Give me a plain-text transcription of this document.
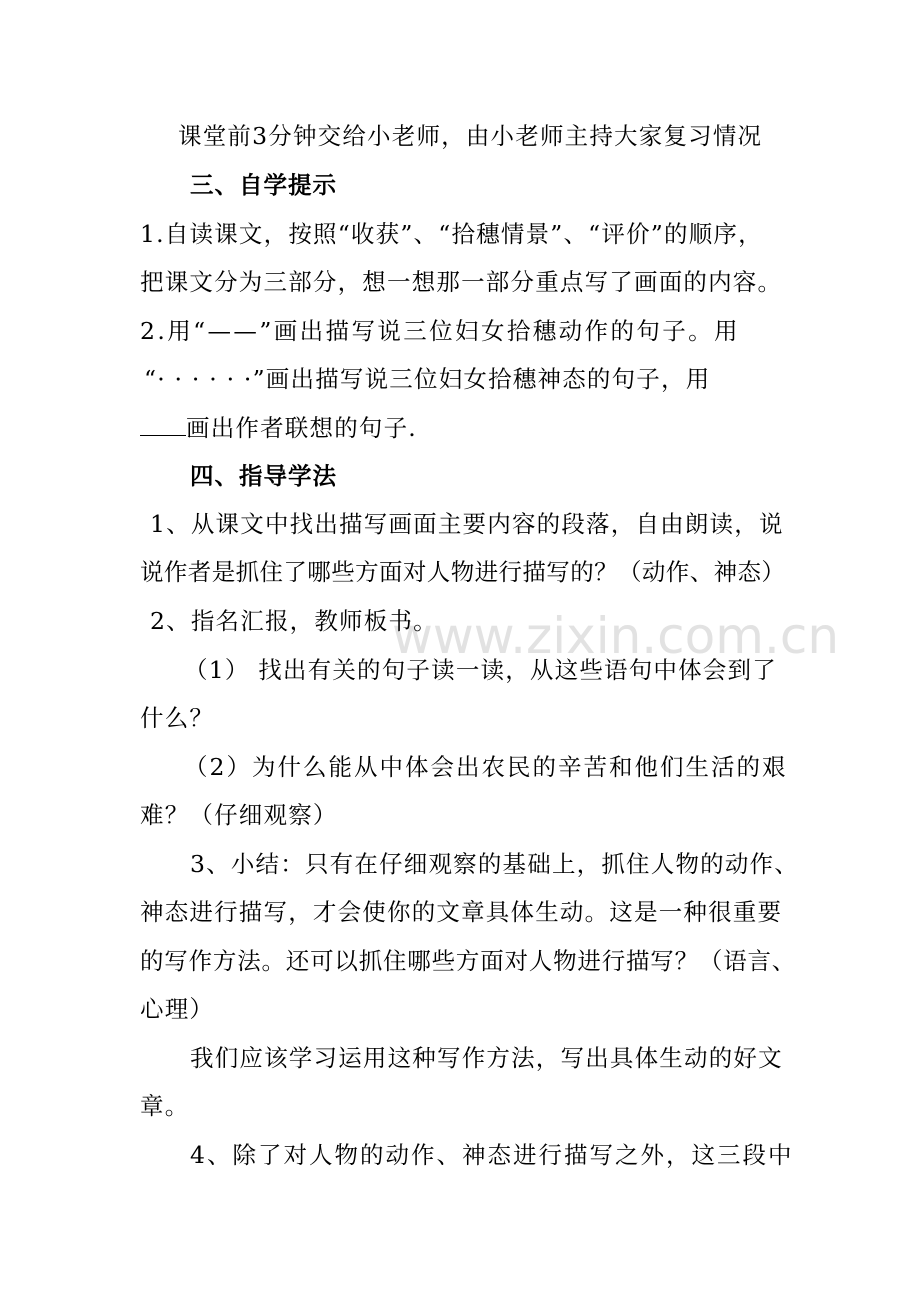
www.zixin.com.cn
课堂前3分钟交给小老师，由小老师主持大家复习情况
三、自学提示
1.自读课文，按照“收获”、“拾穗情景”、“评价”的顺序，
把课文分为三部分，想一想那一部分重点写了画面的内容。
2.用“——”画出描写说三位妇女拾穗动作的句子。用
“· · · · · ·”画出描写说三位妇女拾穗神态的句子，用
画出作者联想的句子.
四、指导学法
1、从课文中找出描写画面主要内容的段落，自由朗读，说
说作者是抓住了哪些方面对人物进行描写的？（动作、神态）
2、指名汇报，教师板书。
（1） 找出有关的句子读一读，从这些语句中体会到了
什么？
（2）为什么能从中体会出农民的辛苦和他们生活的艰
难？（仔细观察）
3、小结：只有在仔细观察的基础上，抓住人物的动作、
神态进行描写，才会使你的文章具体生动。这是一种很重要
的写作方法。还可以抓住哪些方面对人物进行描写？（语言、
心理）
我们应该学习运用这种写作方法，写出具体生动的好文
章。
4、除了对人物的动作、神态进行描写之外，这三段中
